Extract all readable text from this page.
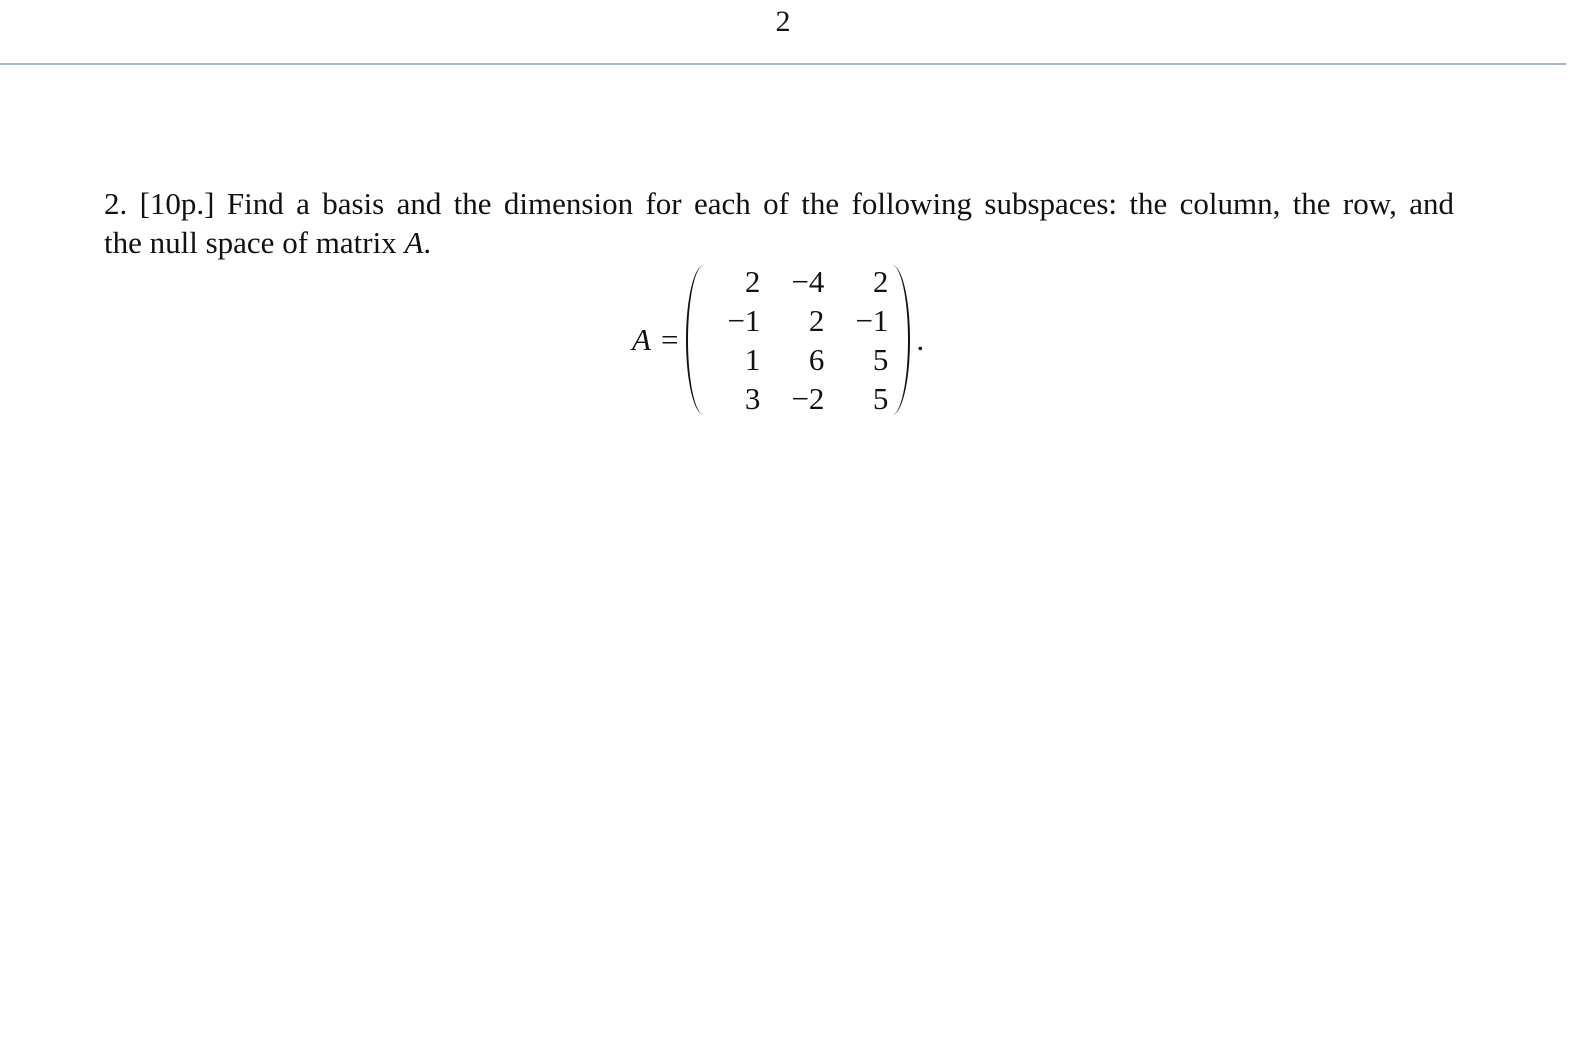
2
2. [10p.] Find a basis and the dimension for each of the following subspaces: the column, the row, and
the null space of matrix A.
A =
2	−4	2
−1	2	−1
1	6	5
3	−2	5
.
